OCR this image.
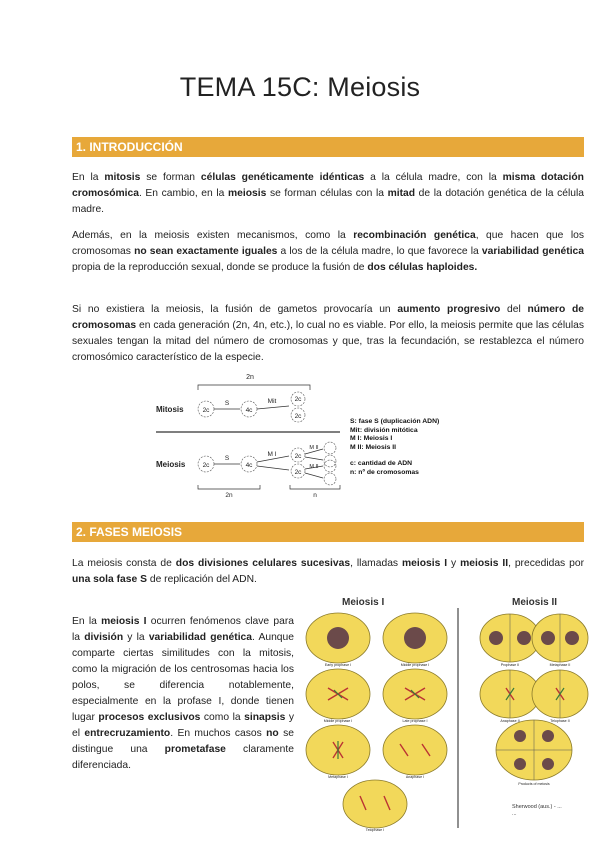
TEMA 15C: Meiosis
1. INTRODUCCIÓN

En la mitosis se forman células genéticamente idénticas a la célula madre, con la misma dotación cromosómica. En cambio, en la meiosis se forman células con la mitad de la dotación genética de la célula madre.

Además, en la meiosis existen mecanismos, como la recombinación genética, que hacen que los cromosomas no sean exactamente iguales a los de la célula madre, lo que favorece la variabilidad genética propia de la reproducción sexual, donde se produce la fusión de dos células haploides.

Si no existiera la meiosis, la fusión de gametos provocaría un aumento progresivo del número de cromosomas en cada generación (2n, 4n, etc.), lo cual no es viable. Por ello, la meiosis permite que las células sexuales tengan la mitad del número de cromosomas y que, tras la fecundación, se restablezca el número cromosómico característico de la especie.

2n
Mitosis
Meiosis
2c	4c
2c
2c
S	Mit
2c	4c
2c
2c
S
M I
M II
M II
2n	n
S: fase S (duplicación ADN)
Mit: división mitótica
M I: Meiosis I
M II: Meiosis II
c: cantidad de ADN
n: nº de cromosomas
2. FASES MEIOSIS

La meiosis consta de dos divisiones celulares sucesivas, llamadas meiosis I y meiosis II, precedidas por una sola fase S de replicación del ADN.

En la meiosis I ocurren fenómenos clave para la división y la variabilidad genética. Aunque comparte ciertas similitudes con la mitosis, como la migración de los centrosomas hacia los polos, se diferencia notablemente, especialmente en la profase I, donde tienen lugar procesos exclusivos como la sinapsis y el entrecruzamiento. En muchos casos no se distingue una prometafase claramente diferenciada.

Meiosis I	Meiosis II
Early prophase I	Middle prophase I
Middle prophase I	Late prophase I
Metaphase I	Anaphase I
Telophase I
Prophase II	Metaphase II
Anaphase II	Telophase II
Products of meiosis
Sherwood (aus.) - ...
...
